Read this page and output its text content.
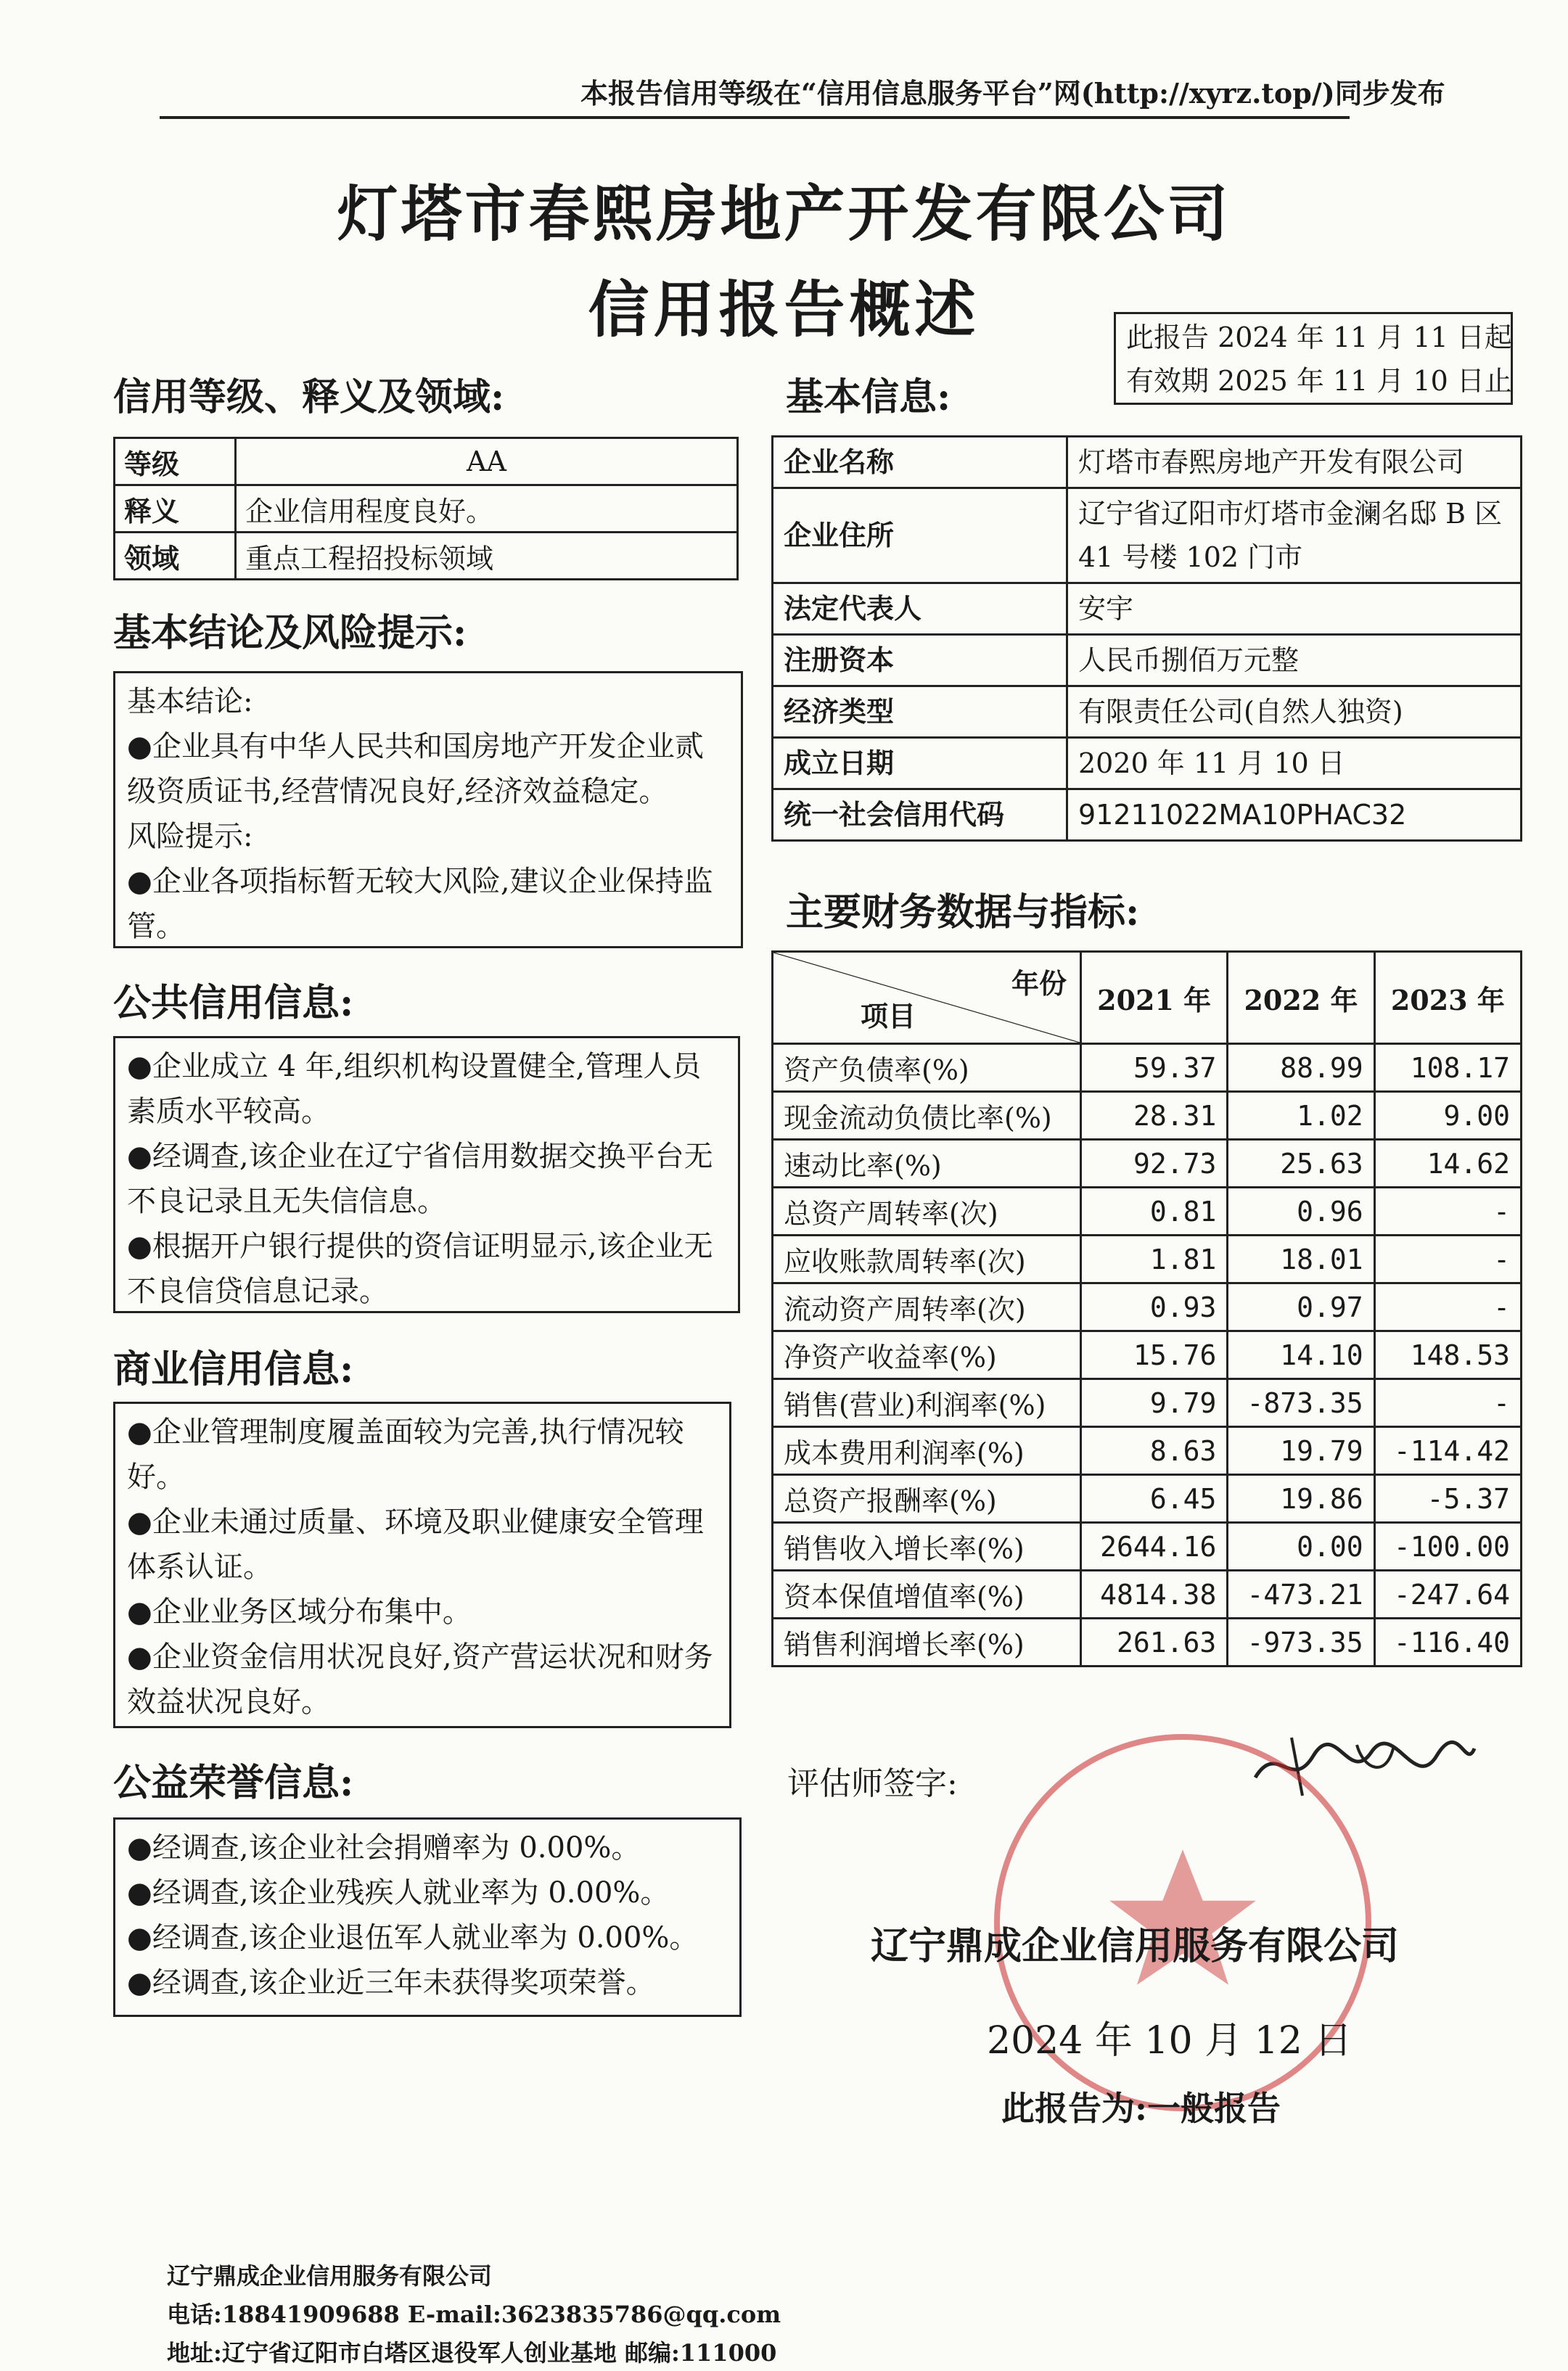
本报告信用等级在“信用信息服务平台”网(http://xyrz.top/)同步发布
灯塔市春熙房地产开发有限公司
信用报告概述	此报告 2024 年 11 月 11 日起
有效期 2025 年 11 月 10 日止
信用等级、释义及领域:
等级	AA
释义	企业信用程度良好。
领域	重点工程招投标领域
基本结论及风险提示:
基本结论:
●企业具有中华人民共和国房地产开发企业贰级资质证书,经营情况良好,经济效益稳定。
风险提示:
●企业各项指标暂无较大风险,建议企业保持监管。
公共信用信息:
●企业成立 4 年,组织机构设置健全,管理人员素质水平较高。
●经调查,该企业在辽宁省信用数据交换平台无不良记录且无失信信息。
●根据开户银行提供的资信证明显示,该企业无不良信贷信息记录。
商业信用信息:
●企业管理制度履盖面较为完善,执行情况较好。
●企业未通过质量、环境及职业健康安全管理体系认证。
●企业业务区域分布集中。
●企业资金信用状况良好,资产营运状况和财务效益状况良好。
公益荣誉信息:
●经调查,该企业社会捐赠率为 0.00%。
●经调查,该企业残疾人就业率为 0.00%。
●经调查,该企业退伍军人就业率为 0.00%。
●经调查,该企业近三年未获得奖项荣誉。
基本信息:
企业名称	灯塔市春熙房地产开发有限公司
企业住所	辽宁省辽阳市灯塔市金澜名邸 B 区 41 号楼 102 门市
法定代表人	安宇
注册资本	人民币捌佰万元整
经济类型	有限责任公司(自然人独资)
成立日期	2020 年 11 月 10 日
统一社会信用代码	91211022MA10PHAC32
主要财务数据与指标:
年份
项目	2021 年	2022 年	2023 年
资产负债率(%)	59.37	88.99	108.17
现金流动负债比率(%)	28.31	1.02	9.00
速动比率(%)	92.73	25.63	14.62
总资产周转率(次)	0.81	0.96	-
应收账款周转率(次)	1.81	18.01	-
流动资产周转率(次)	0.93	0.97	-
净资产收益率(%)	15.76	14.10	148.53
销售(营业)利润率(%)	9.79	-873.35	-
成本费用利润率(%)	8.63	19.79	-114.42
总资产报酬率(%)	6.45	19.86	-5.37
销售收入增长率(%)	2644.16	0.00	-100.00
资本保值增值率(%)	4814.38	-473.21	-247.64
销售利润增长率(%)	261.63	-973.35	-116.40
评估师签字:
辽宁鼎成企业信用服务有限公司
2024 年 10 月 12 日
此报告为:一般报告
辽宁鼎成企业信用服务有限公司
电话:18841909688 E-mail:3623835786@qq.com
地址:辽宁省辽阳市白塔区退役军人创业基地 邮编:111000
